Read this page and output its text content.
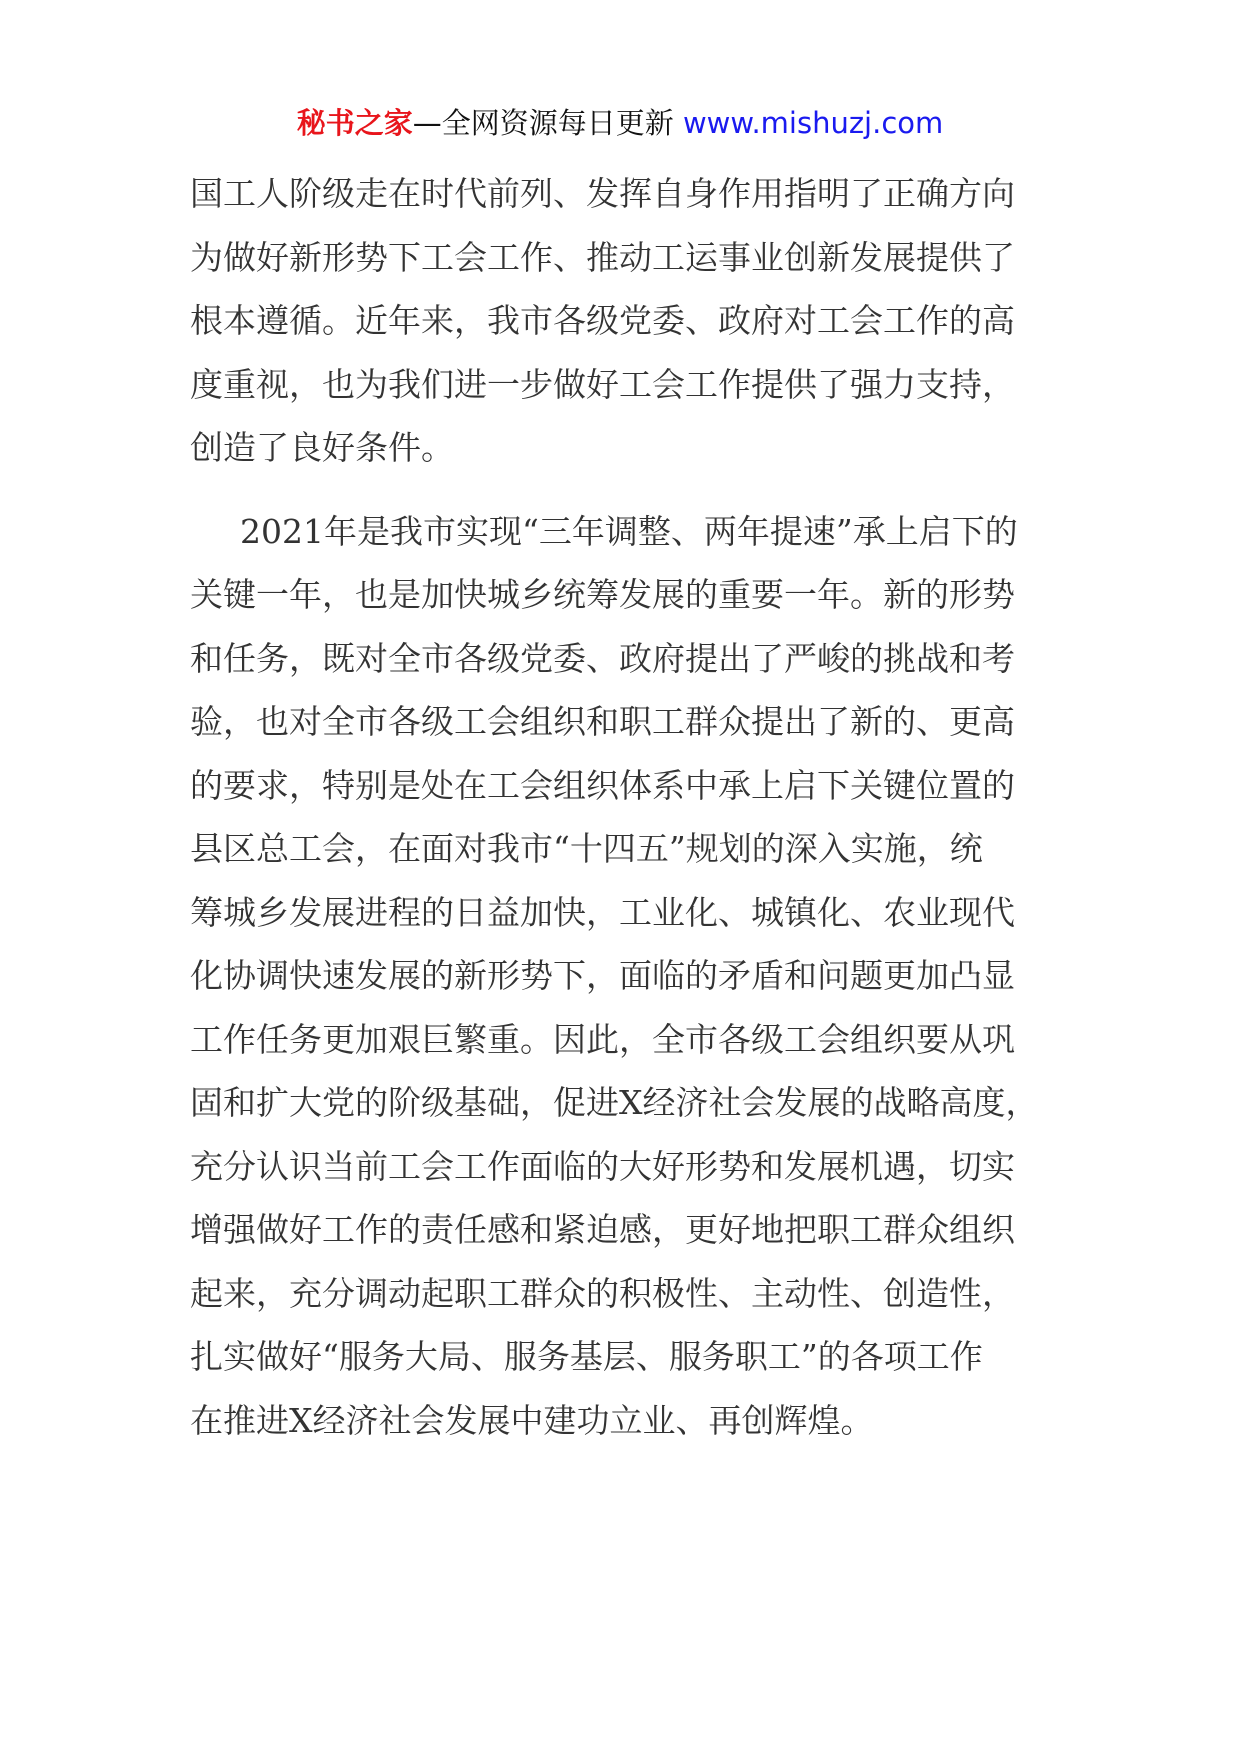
秘书之家—全网资源每日更新 www.mishuzj.com
国工人阶级走在时代前列、发挥自身作用指明了正确方向
为做好新形势下工会工作、推动工运事业创新发展提供了
根本遵循。近年来，我市各级党委、政府对工会工作的高
度重视，也为我们进一步做好工会工作提供了强力支持，
创造了良好条件。
2021年是我市实现“三年调整、两年提速”承上启下的
关键一年，也是加快城乡统筹发展的重要一年。新的形势
和任务，既对全市各级党委、政府提出了严峻的挑战和考
验，也对全市各级工会组织和职工群众提出了新的、更高
的要求，特别是处在工会组织体系中承上启下关键位置的
县区总工会，在面对我市“十四五”规划的深入实施，统
筹城乡发展进程的日益加快，工业化、城镇化、农业现代
化协调快速发展的新形势下，面临的矛盾和问题更加凸显
工作任务更加艰巨繁重。因此，全市各级工会组织要从巩
固和扩大党的阶级基础，促进X经济社会发展的战略高度，
充分认识当前工会工作面临的大好形势和发展机遇，切实
增强做好工作的责任感和紧迫感，更好地把职工群众组织
起来，充分调动起职工群众的积极性、主动性、创造性，
扎实做好“服务大局、服务基层、服务职工”的各项工作
在推进X经济社会发展中建功立业、再创辉煌。
